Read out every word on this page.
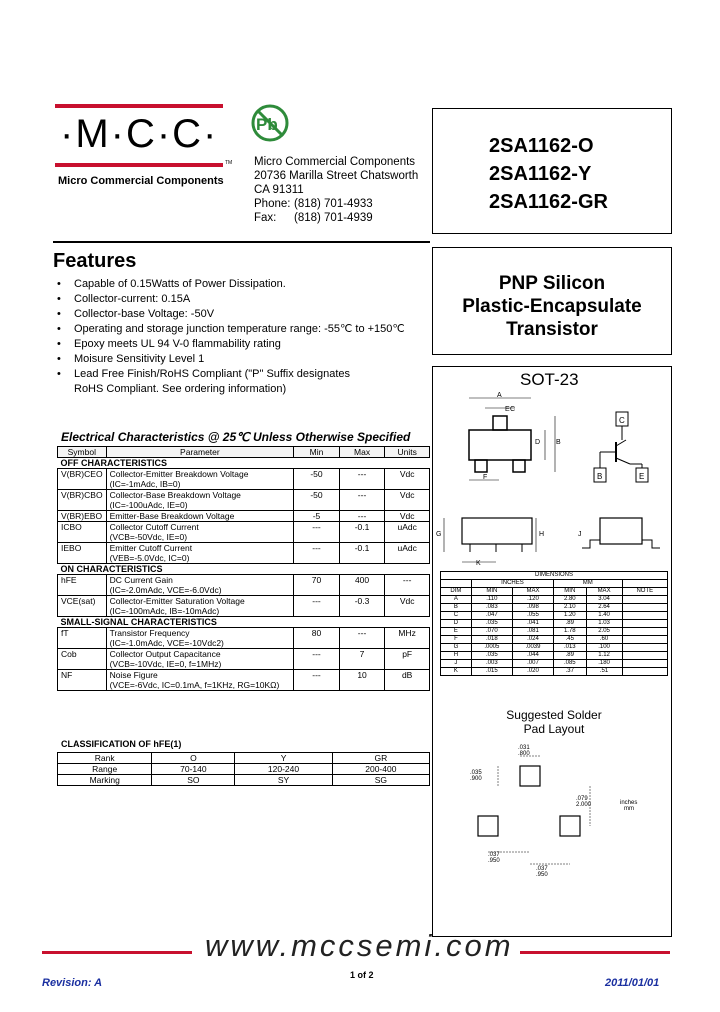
·M·C·C·
TM
Micro Commercial Components
Pb
Micro Commercial Components
20736 Marilla Street Chatsworth
CA 91311
Phone: (818) 701-4933
Fax: (818) 701-4939
2SA1162-O
2SA1162-Y
2SA1162-GR
Features
• Capable of 0.15Watts of Power Dissipation.
• Collector-current: 0.15A
• Collector-base Voltage: -50V
• Operating and storage junction temperature range: -55℃ to +150℃
• Epoxy meets UL 94 V-0 flammability rating
• Moisure Sensitivity Level 1
• Lead Free Finish/RoHS Compliant ("P" Suffix designates
RoHS Compliant. See ordering information)
PNP Silicon
Plastic-Encapsulate
Transistor
SOT-23
A
C
E
B
D
F
C
B	E
G	H
K
J
DIMENSIONS					
	INCHES		MM		
DIM	MIN	MAX	MIN	MAX	NOTE
A	.110	.120	2.80	3.04	
B	.083	.098	2.10	2.64	
C	.047	.055	1.20	1.40	
D	.035	.041	.89	1.03	
E	.070	.081	1.78	2.05	
F	.018	.024	.45	.60	
G	.0005	.0039	.013	.100	
H	.035	.044	.89	1.12	
J	.003	.007	.085	.180	
K	.015	.020	.37	.51	
Suggested Solder
Pad Layout
.031
.800
.035
.900
.079
2.000
.037
.950
.037
.950
inches
mm
Electrical Characteristics @ 25℃ Unless Otherwise Specified
Symbol	Parameter	Min	Max	Units
OFF CHARACTERISTICS				
V(BR)CEO	Collector-Emitter Breakdown Voltage
(IC=-1mAdc, IB=0)	-50	---	Vdc
V(BR)CBO	Collector-Base Breakdown Voltage
(IC=-100uAdc, IE=0)	-50	---	Vdc
V(BR)EBO	Emitter-Base Breakdown Voltage	-5	---	Vdc
ICBO	Collector Cutoff Current
(VCB=-50Vdc, IE=0)	---	-0.1	uAdc
IEBO	Emitter Cutoff Current
(VEB=-5.0Vdc, IC=0)	---	-0.1	uAdc
ON CHARACTERISTICS				
hFE	DC Current Gain
(IC=-2.0mAdc, VCE=-6.0Vdc)	70	400	---
VCE(sat)	Collector-Emitter Saturation Voltage
(IC=-100mAdc, IB=-10mAdc)	---	-0.3	Vdc
SMALL-SIGNAL CHARACTERISTICS				
fT	Transistor Frequency
(IC=-1.0mAdc, VCE=-10Vdc2)	80	---	MHz
Cob	Collector Output Capacitance
(VCB=-10Vdc, IE=0, f=1MHz)	---	7	pF
NF	Noise Figure
(VCE=-6Vdc, IC=0.1mA, f=1KHz, RG=10KΩ)	---	10	dB
CLASSIFICATION OF hFE(1)
Rank	O	Y	GR
Range	70-140	120-240	200-400
Marking	SO	SY	SG
www.mccsemi.com
Revision: A
1 of 2
2011/01/01
